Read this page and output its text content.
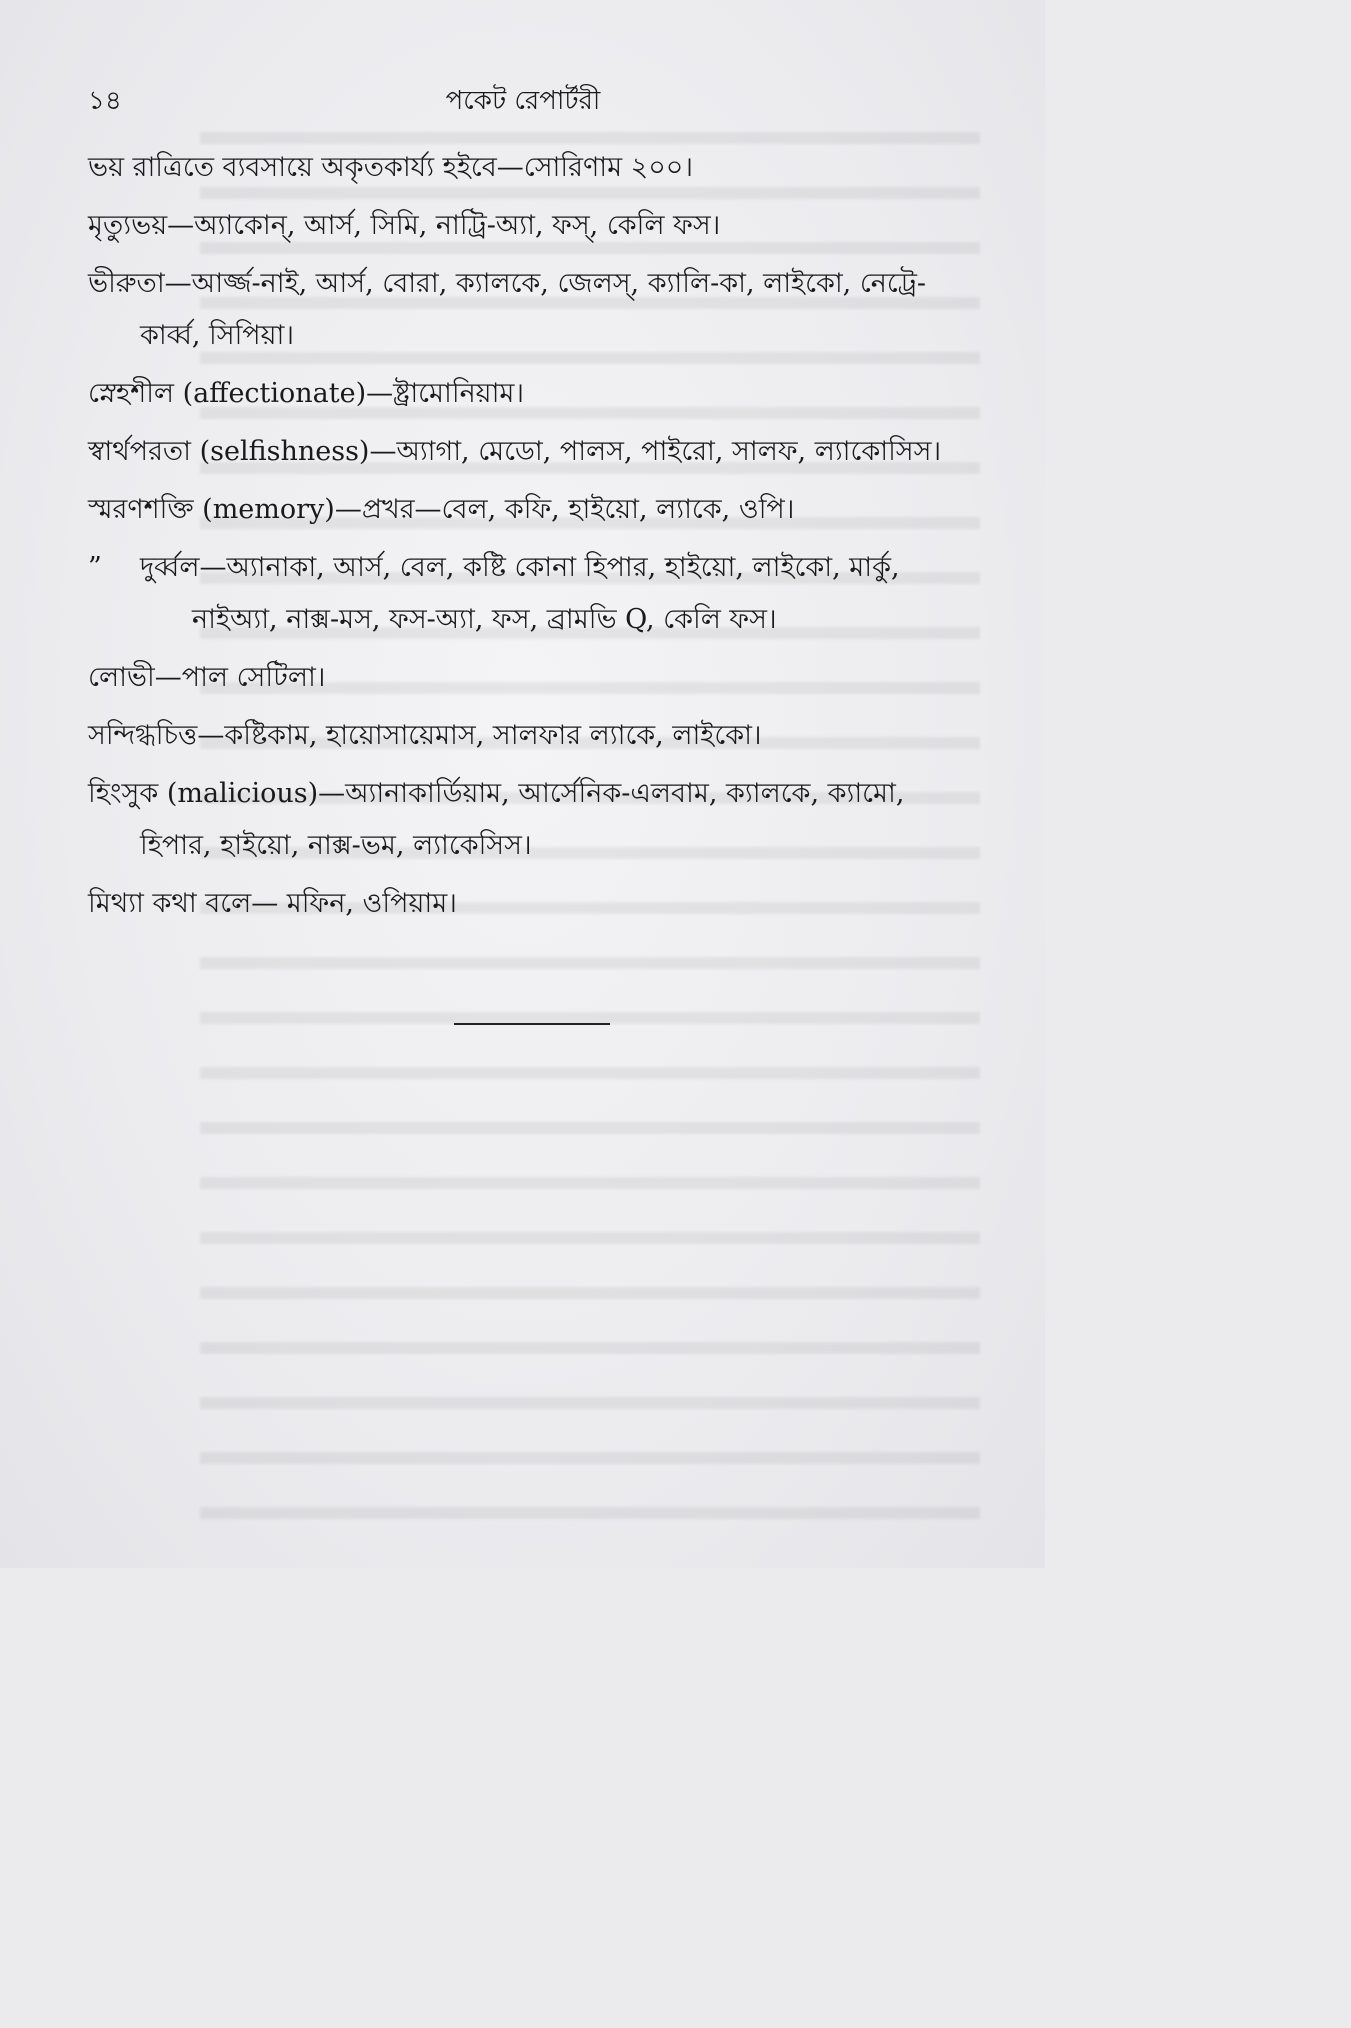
১৪	পকেট রেপার্টরী

ভয় রাত্রিতে ব্যবসায়ে অকৃতকার্য্য হইবে—সোরিণাম ২০০।

মৃত্যুভয়—অ্যাকোন্, আর্স, সিমি, নাট্রি-অ্যা, ফস্, কেলি ফস।

ভীরুতা—আর্জ্জ-নাই, আর্স, বোরা, ক্যালকে, জেলস্, ক্যালি-কা, লাইকো, নেট্রে-কার্ব্ব, সিপিয়া।

স্নেহশীল (affectionate)—ষ্ট্রামোনিয়াম।

স্বার্থপরতা (selfishness)—অ্যাগা, মেডো, পালস, পাইরো, সালফ, ল্যাকোসিস।

স্মরণশক্তি (memory)—প্রখর—বেল, কফি, হাইয়ো, ল্যাকে, ওপি।

” দুর্ব্বল—অ্যানাকা, আর্স, বেল, কষ্টি কোনা হিপার, হাইয়ো, লাইকো, মার্কু, নাইঅ্যা, নাক্স-মস, ফস-অ্যা, ফস, ব্রামভি Q, কেলি ফস।

লোভী—পাল সেটিলা।

সন্দিগ্ধচিত্ত—কষ্টিকাম, হায়োসায়েমাস, সালফার ল্যাকে, লাইকো।

হিংসুক (malicious)—অ্যানাকার্ডিয়াম, আর্সেনিক-এলবাম, ক্যালকে, ক্যামো, হিপার, হাইয়ো, নাক্স-ভম, ল্যাকেসিস।

মিথ্যা কথা বলে— মফিন, ওপিয়াম।
